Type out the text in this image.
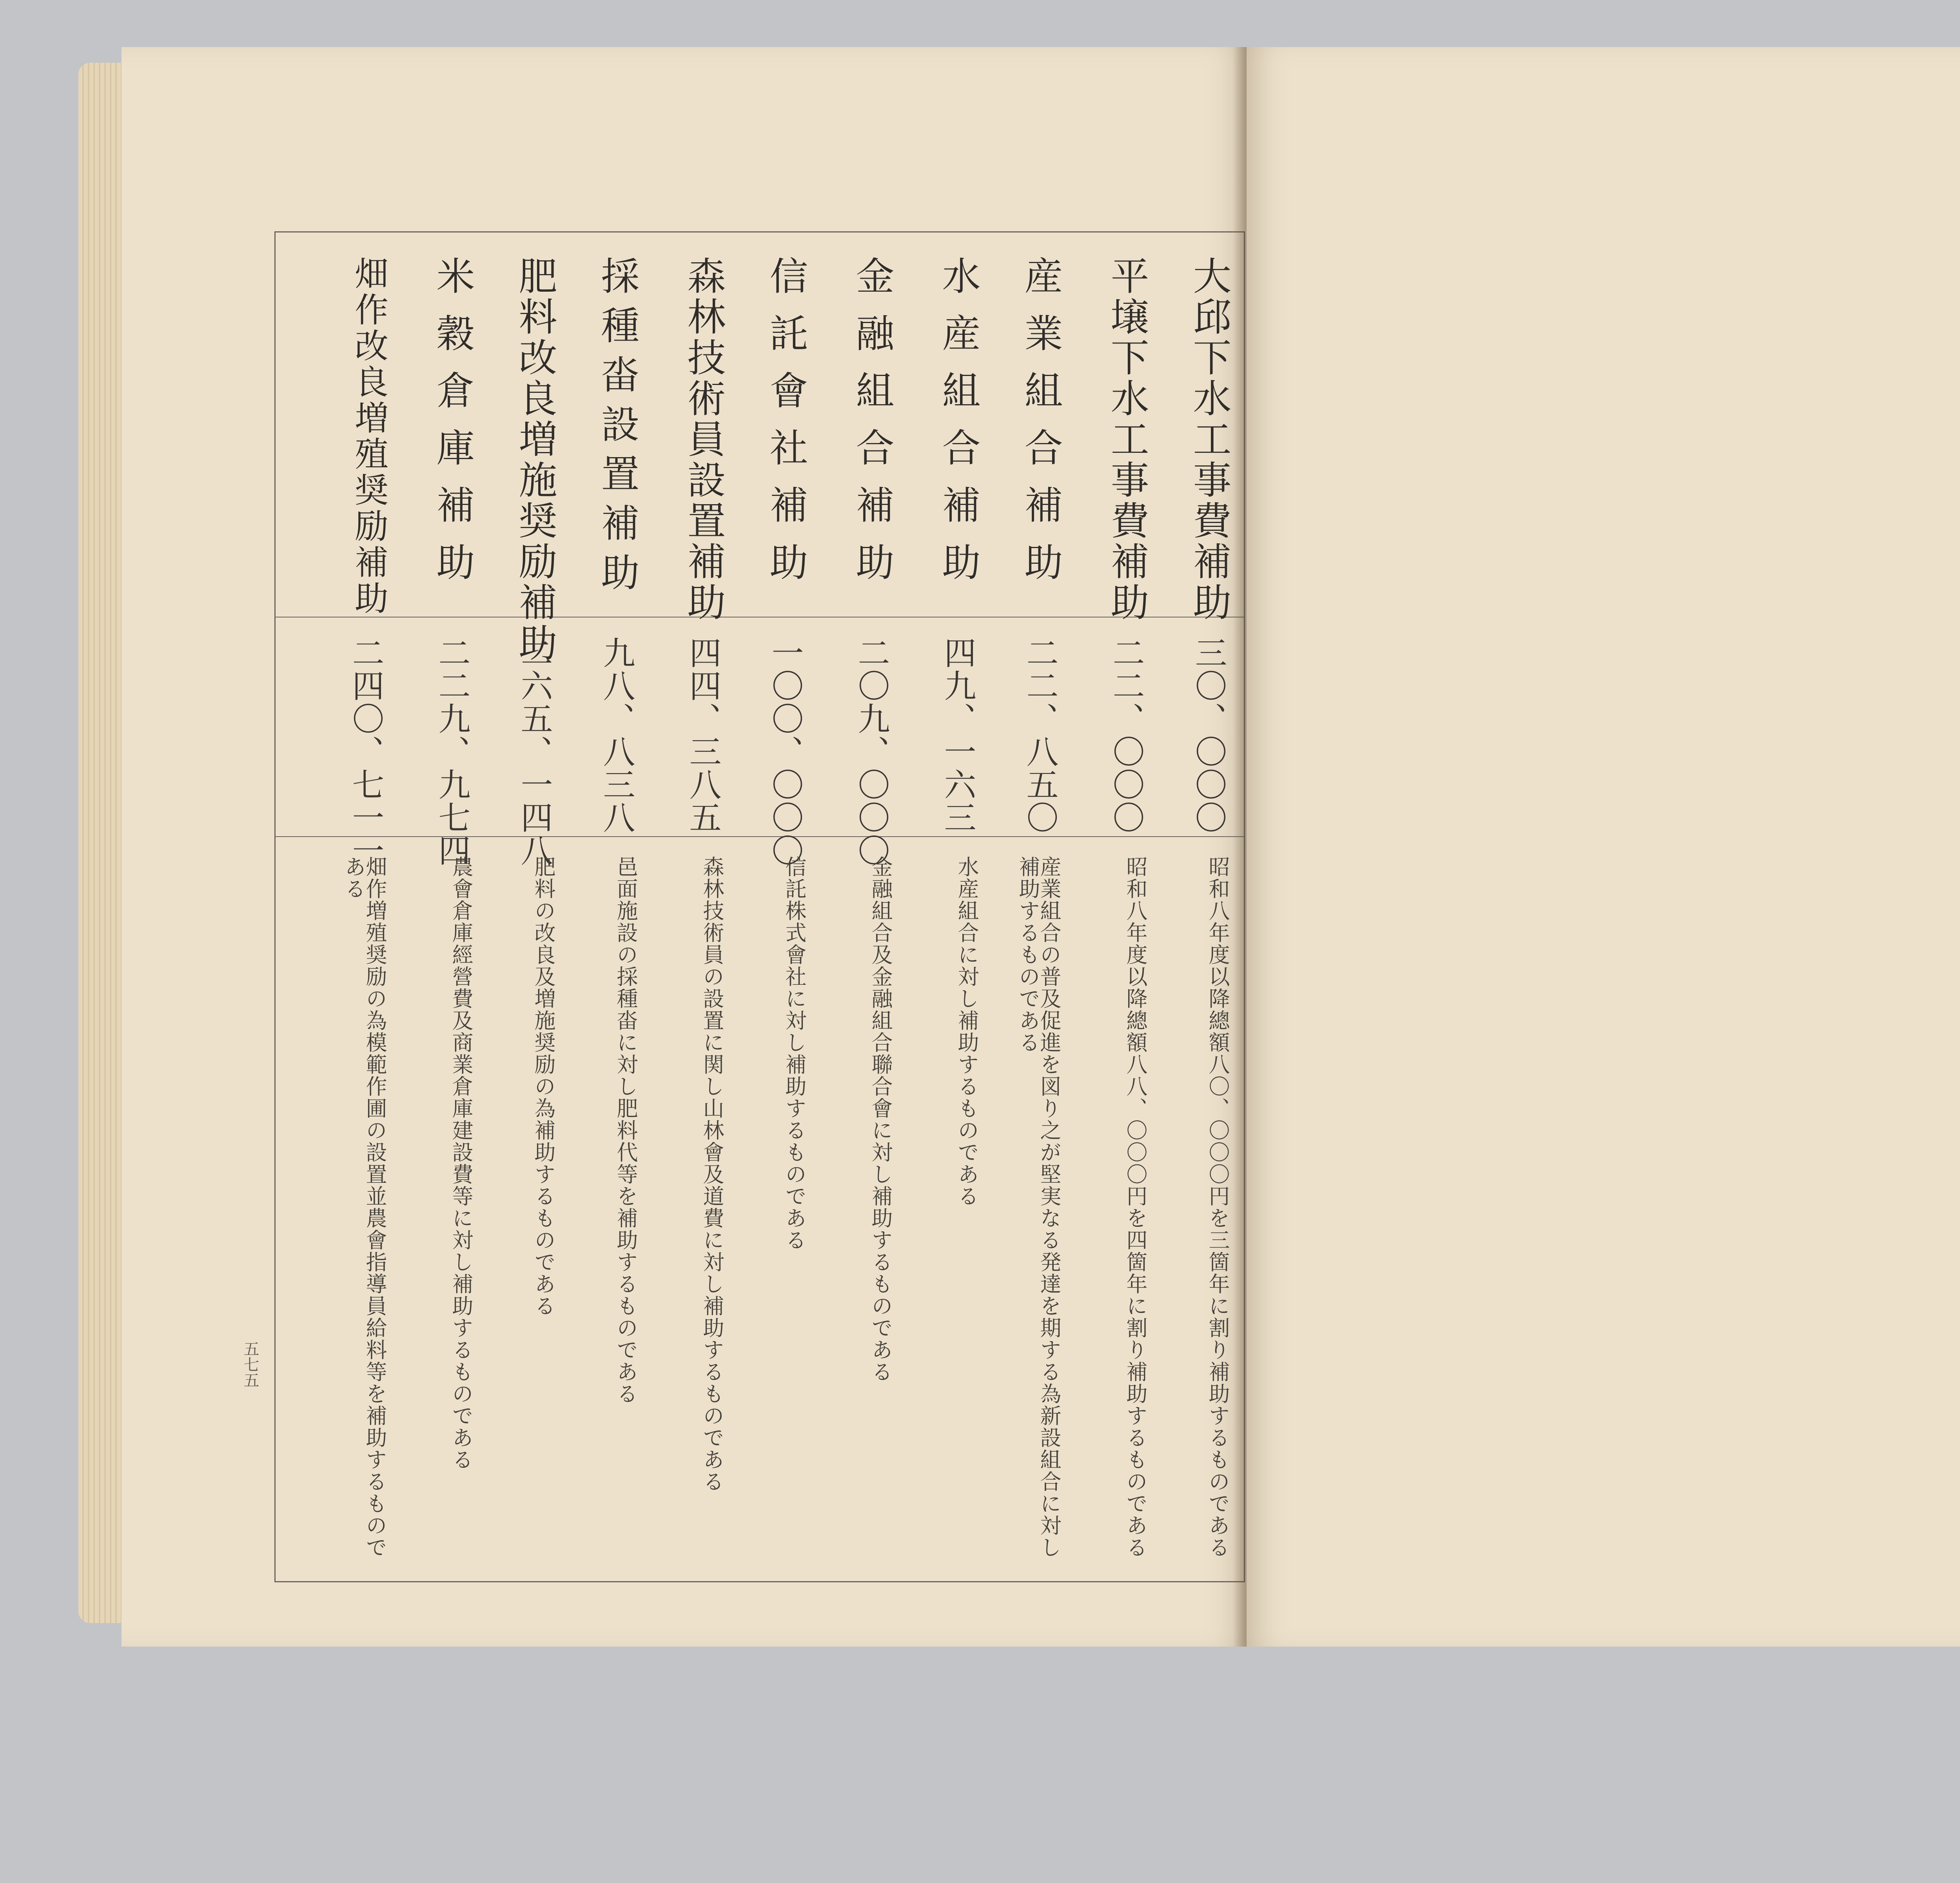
大邱下水工事費補助
平壌下水工事費補助
産業組合補助
水産組合補助
金融組合補助
信託會社補助
森林技術員設置補助
採種畓設置補助
肥料改良増施奨励補助
米穀倉庫補助
畑作改良増殖奨励補助
三〇、〇〇〇
二二、〇〇〇
二二、八五〇
四九、一六三
二〇九、〇〇〇
一〇〇、〇〇〇
四四、三八五
九八、八三八
二六五、一四八
二二九、九七四
二四〇、七一一
昭和八年度以降總額八〇、〇〇〇円を三箇年に割り補助するものである
昭和八年度以降總額八八、〇〇〇円を四箇年に割り補助するものである
産業組合の普及促進を図り之が堅実なる発達を期する為新設組合に対し補助するものである
水産組合に対し補助するものである
金融組合及金融組合聯合會に対し補助するものである
信託株式會社に対し補助するものである
森林技術員の設置に関し山林會及道費に対し補助するものである
邑面施設の採種畓に対し肥料代等を補助するものである
肥料の改良及増施奨励の為補助するものである
農會倉庫經營費及商業倉庫建設費等に対し補助するものである
畑作増殖奨励の為模範作圃の設置並農會指導員給料等を補助するものである
五七五
